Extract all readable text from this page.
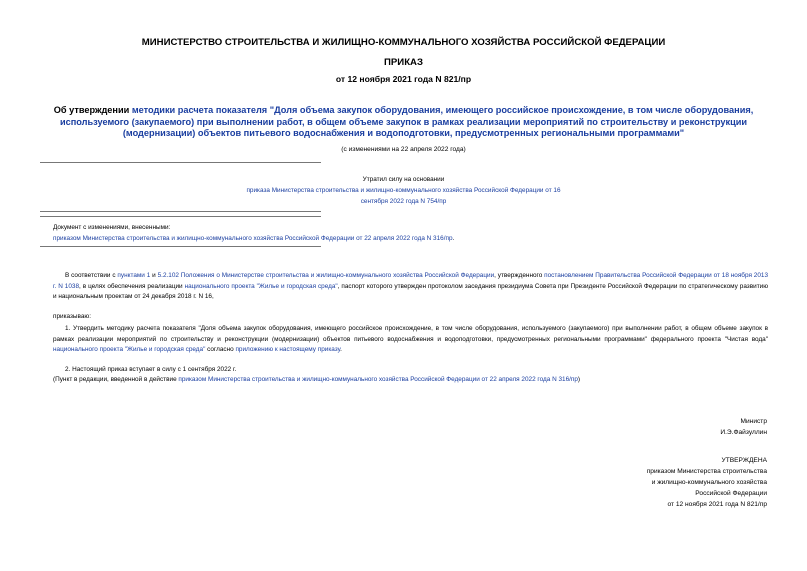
МИНИСТЕРСТВО СТРОИТЕЛЬСТВА И ЖИЛИЩНО-КОММУНАЛЬНОГО ХОЗЯЙСТВА РОССИЙСКОЙ ФЕДЕРАЦИИ
ПРИКАЗ
от 12 ноября 2021 года N 821/пр
Об утверждении методики расчета показателя "Доля объема закупок оборудования, имеющего российское происхождение, в том числе оборудования, используемого (закупаемого) при выполнении работ, в общем объеме закупок в рамках реализации мероприятий по строительству и реконструкции (модернизации) объектов питьевого водоснабжения и водоподготовки, предусмотренных региональными программами"
(с изменениями на 22 апреля 2022 года)
Утратил силу на основании
приказа Министерства строительства и жилищно-коммунального хозяйства Российской Федерации от 16 сентября 2022 года N 754/пр
Документ с изменениями, внесенными:
приказом Министерства строительства и жилищно-коммунального хозяйства Российской Федерации от 22 апреля 2022 года N 316/пр.
В соответствии с пунктами 1 и 5.2.102 Положения о Министерстве строительства и жилищно-коммунального хозяйства Российской Федерации, утвержденного постановлением Правительства Российской Федерации от 18 ноября 2013 г. N 1038, в целях обеспечения реализации национального проекта "Жилье и городская среда", паспорт которого утвержден протоколом заседания президиума Совета при Президенте Российской Федерации по стратегическому развитию и национальным проектам от 24 декабря 2018 г. N 16,
приказываю:
1. Утвердить методику расчета показателя "Доля объема закупок оборудования, имеющего российское происхождение, в том числе оборудования, используемого (закупаемого) при выполнении работ, в общем объеме закупок в рамках реализации мероприятий по строительству и реконструкции (модернизации) объектов питьевого водоснабжения и водоподготовки, предусмотренных региональными программами" федерального проекта "Чистая вода" национального проекта "Жилье и городская среда" согласно приложению к настоящему приказу.
2. Настоящий приказ вступает в силу с 1 сентября 2022 г.
(Пункт в редакции, введенной в действие приказом Министерства строительства и жилищно-коммунального хозяйства Российской Федерации от 22 апреля 2022 года N 316/пр)
Министр
И.Э.Файзуллин
УТВЕРЖДЕНА
приказом Министерства строительства
и жилищно-коммунального хозяйства
Российской Федерации
от 12 ноября 2021 года N 821/пр
